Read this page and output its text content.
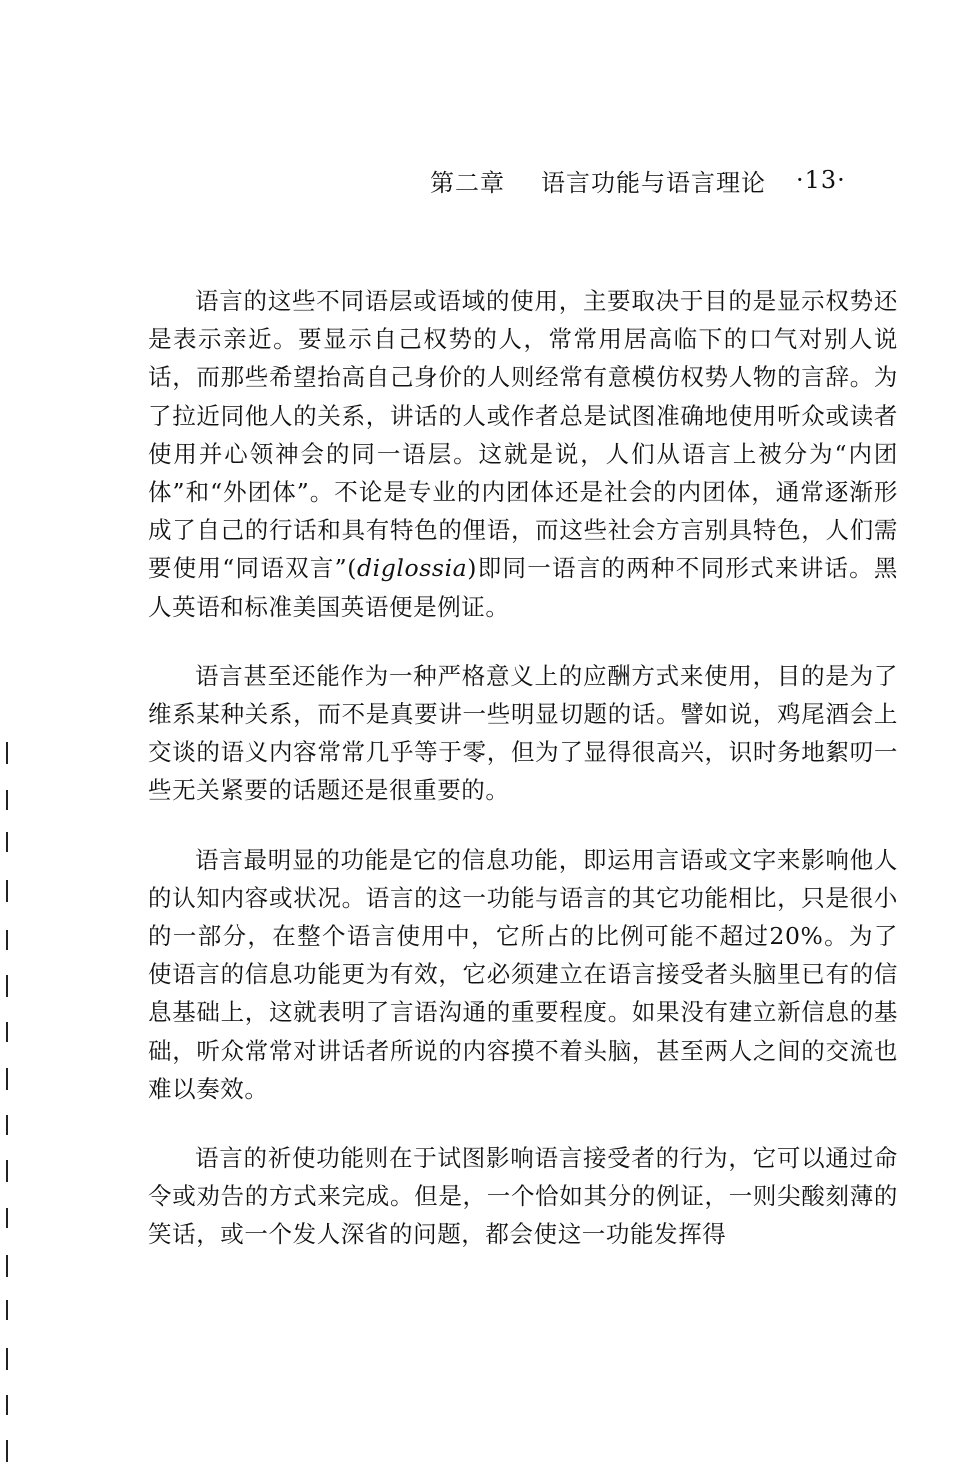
第二章 语言功能与语言理论 ·13·

语言的这些不同语层或语域的使用，主要取决于目的是显示权势还是表示亲近。要显示自己权势的人，常常用居高临下的口气对别人说话，而那些希望抬高自己身价的人则经常有意模仿权势人物的言辞。为了拉近同他人的关系，讲话的人或作者总是试图准确地使用听众或读者使用并心领神会的同一语层。这就是说，人们从语言上被分为“内团体”和“外团体”。不论是专业的内团体还是社会的内团体，通常逐渐形成了自己的行话和具有特色的俚语，而这些社会方言别具特色，人们需要使用“同语双言”(diglossia)即同一语言的两种不同形式来讲话。黑人英语和标准美国英语便是例证。

语言甚至还能作为一种严格意义上的应酬方式来使用，目的是为了维系某种关系，而不是真要讲一些明显切题的话。譬如说，鸡尾酒会上交谈的语义内容常常几乎等于零，但为了显得很高兴，识时务地絮叨一些无关紧要的话题还是很重要的。

语言最明显的功能是它的信息功能，即运用言语或文字来影响他人的认知内容或状况。语言的这一功能与语言的其它功能相比，只是很小的一部分，在整个语言使用中，它所占的比例可能不超过20%。为了使语言的信息功能更为有效，它必须建立在语言接受者头脑里已有的信息基础上，这就表明了言语沟通的重要程度。如果没有建立新信息的基础，听众常常对讲话者所说的内容摸不着头脑，甚至两人之间的交流也难以奏效。

语言的祈使功能则在于试图影响语言接受者的行为，它可以通过命令或劝告的方式来完成。但是，一个恰如其分的例证，一则尖酸刻薄的笑话，或一个发人深省的问题，都会使这一功能发挥得
